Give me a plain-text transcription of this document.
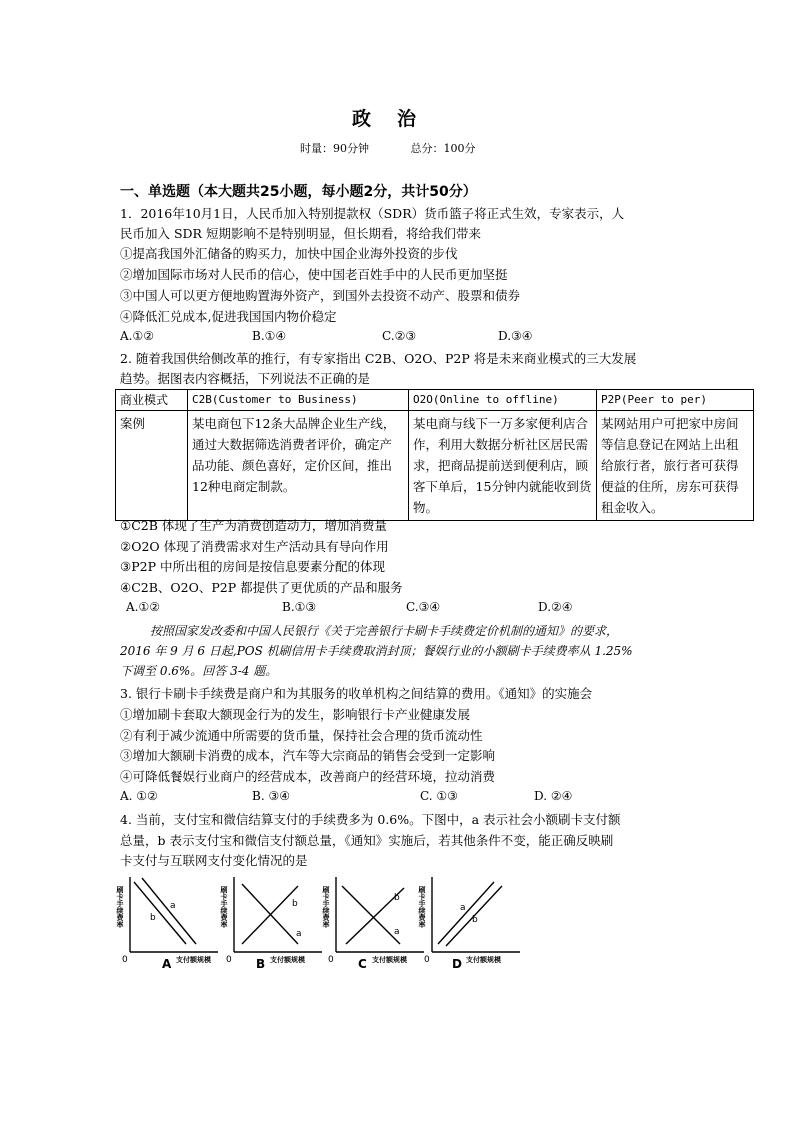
政治
时量：90分钟	总分：100分
一、单选题（本大题共25小题，每小题2分，共计50分）
1．2016年10月1日，人民币加入特别提款权（SDR）货币篮子将正式生效，专家表示，人
民币加入 SDR 短期影响不是特别明显，但长期看，将给我们带来
①提高我国外汇储备的购买力，加快中国企业海外投资的步伐
②增加国际市场对人民币的信心，使中国老百姓手中的人民币更加坚挺
③中国人可以更方便地购置海外资产，到国外去投资不动产、股票和债券
④降低汇兑成本,促进我国国内物价稳定
A.①②	B.①④	C.②③	D.③④
2. 随着我国供给侧改革的推行，有专家指出 C2B、O2O、P2P 将是未来商业模式的三大发展
趋势。据图表内容概括，下列说法不正确的是
商业模式	C2B(Customer to Business)	O2O(Online to offline)	P2P(Peer to per)
案例	某电商包下12条大品牌企业生产线，通过大数据筛选消费者评价，确定产品功能、颜色喜好，定价区间，推出12种电商定制款。	某电商与线下一万多家便利店合作，利用大数据分析社区居民需求，把商品提前送到便利店，顾客下单后，15分钟内就能收到货物。	某网站用户可把家中房间等信息登记在网站上出租给旅行者，旅行者可获得便益的住所，房东可获得租金收入。
①C2B 体现了生产为消费创造动力，增加消费量
②O2O 体现了消费需求对生产活动具有导向作用
③P2P 中所出租的房间是按信息要素分配的体现
④C2B、O2O、P2P 都提供了更优质的产品和服务
A.①②	B.①③	C.③④	D.②④
按照国家发改委和中国人民银行《关于完善银行卡刷卡手续费定价机制的通知》的要求，
2016 年 9 月 6 日起,POS 机刷信用卡手续费取消封顶；餐娱行业的小额刷卡手续费率从 1.25%
下调至 0.6%。回答 3-4 题。
3. 银行卡刷卡手续费是商户和为其服务的收单机构之间结算的费用。《通知》的实施会
①增加刷卡套取大额现金行为的发生，影响银行卡产业健康发展
②有利于减少流通中所需要的货币量，保持社会合理的货币流动性
③增加大额刷卡消费的成本，汽车等大宗商品的销售会受到一定影响
④可降低餐娱行业商户的经营成本，改善商户的经营环境，拉动消费
A. ①②	B. ③④	C. ①③	D. ②④
4. 当前，支付宝和微信结算支付的手续费多为 0.6%。下图中，a 表示社会小额刷卡支付额
总量，b 表示支付宝和微信支付额总量，《通知》实施后，若其他条件不变，能正确反映刷
卡支付与互联网支付变化情况的是
刷卡手续费率	b
a
0	A 支付额规模
刷卡手续费率	b
a
0 B 支付额规模
刷卡手续费率	b
a
0 C 支付额规模
刷卡手续费率	a
b
0 D 支付额规模
